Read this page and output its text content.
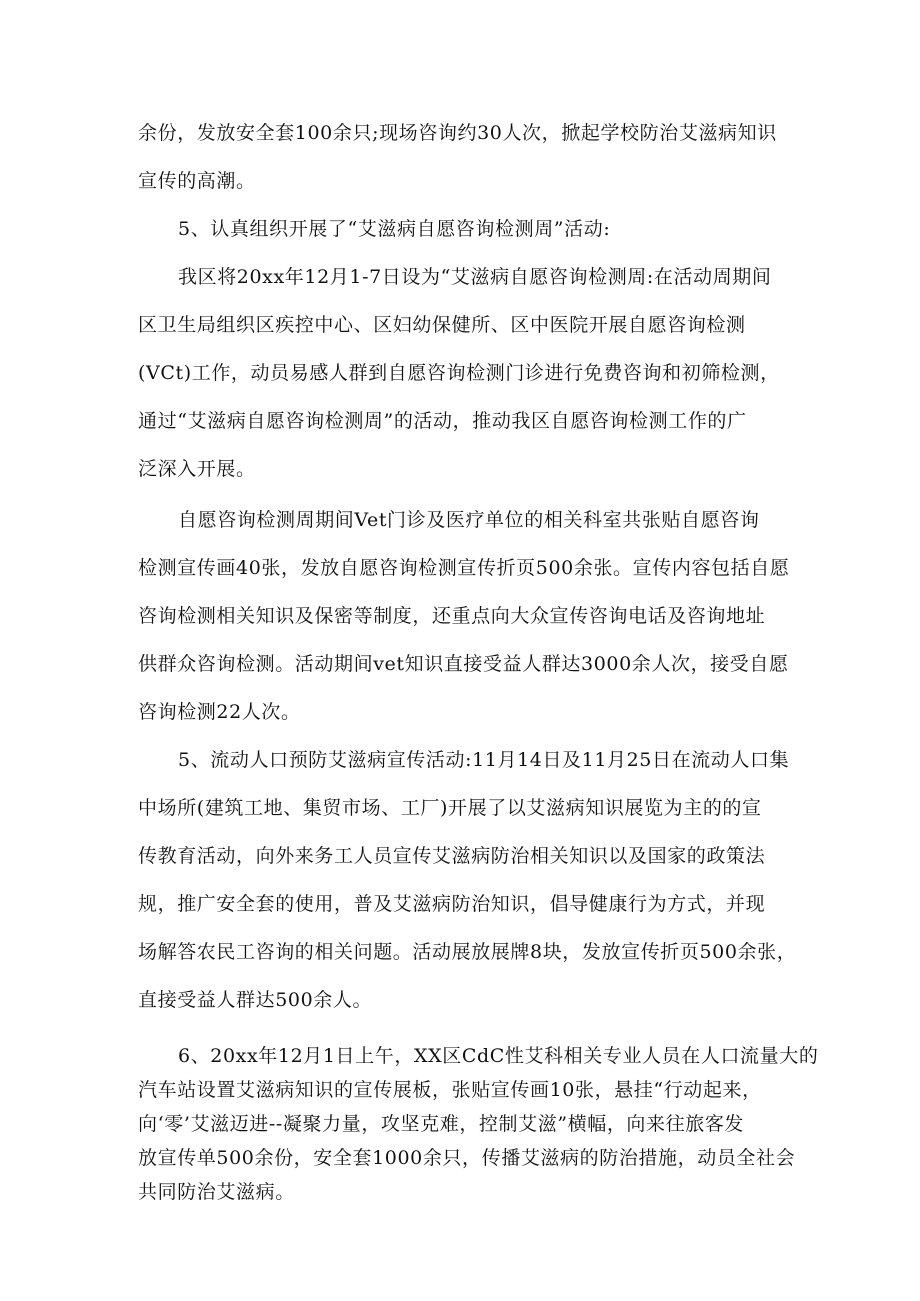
余份，发放安全套100余只;现场咨询约30人次，掀起学校防治艾滋病知识
宣传的高潮。
5、认真组织开展了“艾滋病自愿咨询检测周”活动:
我区将20xx年12月1-7日设为“艾滋病自愿咨询检测周:在活动周期间
区卫生局组织区疾控中心、区妇幼保健所、区中医院开展自愿咨询检测
(VCt)工作，动员易感人群到自愿咨询检测门诊进行免费咨询和初筛检测，
通过“艾滋病自愿咨询检测周”的活动，推动我区自愿咨询检测工作的广
泛深入开展。
自愿咨询检测周期间Vet门诊及医疗单位的相关科室共张贴自愿咨询
检测宣传画40张，发放自愿咨询检测宣传折页500余张。宣传内容包括自愿
咨询检测相关知识及保密等制度，还重点向大众宣传咨询电话及咨询地址
供群众咨询检测。活动期间vet知识直接受益人群达3000余人次，接受自愿
咨询检测22人次。
5、流动人口预防艾滋病宣传活动:11月14日及11月25日在流动人口集
中场所(建筑工地、集贸市场、工厂)开展了以艾滋病知识展览为主的的宣
传教育活动，向外来务工人员宣传艾滋病防治相关知识以及国家的政策法
规，推广安全套的使用，普及艾滋病防治知识，倡导健康行为方式，并现
场解答农民工咨询的相关问题。活动展放展牌8块，发放宣传折页500余张，
直接受益人群达500余人。
6、20xx年12月1日上午，XX区CdC性艾科相关专业人员在人口流量大的
汽车站设置艾滋病知识的宣传展板，张贴宣传画10张，悬挂“行动起来，
向‘零’艾滋迈进--凝聚力量，攻坚克难，控制艾滋”横幅，向来往旅客发
放宣传单500余份，安全套1000余只，传播艾滋病的防治措施，动员全社会
共同防治艾滋病。
